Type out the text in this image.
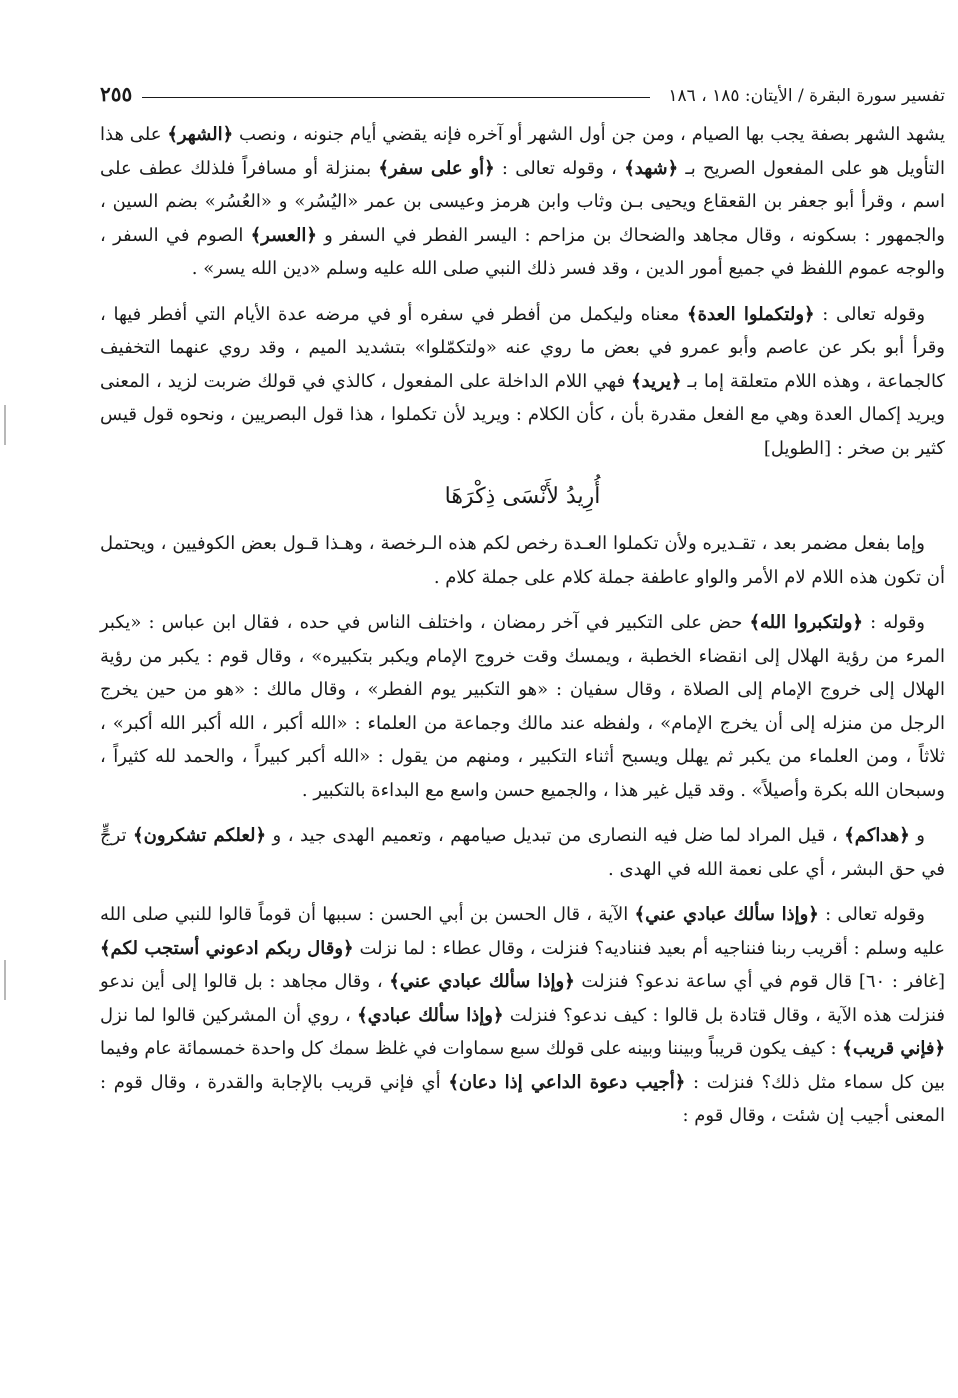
تفسير سورة البقرة / الأيتان: ١٨٥ ، ١٨٦
٢٥٥

يشهد الشهر بصفة يجب بها الصيام ، ومن جن أول الشهر أو آخره فإنه يقضي أيام جنونه ، ونصب ﴿الشهر﴾ على هذا التأويل هو على المفعول الصريح بـ ﴿شهد﴾ ، وقوله تعالى : ﴿أو على سفر﴾ بمنزلة أو مسافراً فلذلك عطف على اسم ، وقرأ أبو جعفر بن القعقاع ويحيى بـن وثاب وابن هرمز وعيسى بن عمر «اليُسُر» و «العُسُر» بضم السين ، والجمهور : بسكونه ، وقال مجاهد والضحاك بن مزاحم : اليسر الفطر في السفر و ﴿العسر﴾ الصوم في السفر ، والوجه عموم اللفظ في جميع أمور الدين ، وقد فسر ذلك النبي صلى الله عليه وسلم «دين الله يسر» .

وقوله تعالى : ﴿ولتكملوا العدة﴾ معناه وليكمل من أفطر في سفره أو في مرضه عدة الأيام التي أفطر فيها ، وقرأ أبو بكر عن عاصم وأبو عمرو في بعض ما روي عنه «ولتكمّلوا» بتشديد الميم ، وقد روي عنهما التخفيف كالجماعة ، وهذه اللام متعلقة إما بـ ﴿يريد﴾ فهي اللام الداخلة على المفعول ، كالذي في قولك ضربت لزيد ، المعنى ويريد إكمال العدة وهي مع الفعل مقدرة بأن ، كأن الكلام : ويريد لأن تكملوا ، هذا قول البصريين ، ونحوه قول قيس كثير بن صخر : [الطويل]

أُرِيدُ لأَنْسَى ذِكْرَهَا

وإما بفعل مضمر بعد ، تقـديره ولأن تكملوا العـدة رخص لكم هذه الـرخصة ، وهـذا قـول بعض الكوفيين ، ويحتمل أن تكون هذه اللام لام الأمر والواو عاطفة جملة كلام على جملة كلام .

وقوله : ﴿ولتكبروا الله﴾ حض على التكبير في آخر رمضان ، واختلف الناس في حده ، فقال ابن عباس : «يكبر المرء من رؤية الهلال إلى انقضاء الخطبة ، ويمسك وقت خروج الإمام ويكبر بتكبيره» ، وقال قوم : يكبر من رؤية الهلال إلى خروج الإمام إلى الصلاة ، وقال سفيان : «هو التكبير يوم الفطر» ، وقال مالك : «هو من حين يخرج الرجل من منزله إلى أن يخرج الإمام» ، ولفظه عند مالك وجماعة من العلماء : «الله أكبر ، الله أكبر الله أكبر» ، ثلاثاً ، ومن العلماء من يكبر ثم يهلل ويسبح أثناء التكبير ، ومنهم من يقول : «الله أكبر كبيراً ، والحمد لله كثيراً ، وسبحان الله بكرة وأصيلاً» . وقد قيل غير هذا ، والجميع حسن واسع مع البداءة بالتكبير .

و ﴿هداكم﴾ ، قيل المراد لما ضل فيه النصارى من تبديل صيامهم ، وتعميم الهدى جيد ، و ﴿لعلكم تشكرون﴾ ترجٍّ في حق البشر ، أي على نعمة الله في الهدى .

وقوله تعالى : ﴿وإذا سألك عبادي عني﴾ الآية ، قال الحسن بن أبي الحسن : سببها أن قوماً قالوا للنبي صلى الله عليه وسلم : أقريب ربنا فنناجيه أم بعيد فنناديه؟ فنزلت ، وقال عطاء : لما نزلت ﴿وقال ربكم ادعوني أستجب لكم﴾ [غافر : ٦٠] قال قوم في أي ساعة ندعو؟ فنزلت ﴿وإذا سألك عبادي عني﴾ ، وقال مجاهد : بل قالوا إلى أين ندعو فنزلت هذه الآية ، وقال قتادة بل قالوا : كيف ندعو؟ فنزلت ﴿وإذا سألك عبادي﴾ ، روي أن المشركين قالوا لما نزل ﴿فإني قريب﴾ : كيف يكون قريباً وبيننا وبينه على قولك سبع سماوات في غلظ سمك كل واحدة خمسمائة عام وفيما بين كل سماء مثل ذلك؟ فنزلت : ﴿أجيب دعوة الداعي إذا دعان﴾ أي فإني قريب بالإجابة والقدرة ، وقال قوم : المعنى أجيب إن شئت ، وقال قوم :
